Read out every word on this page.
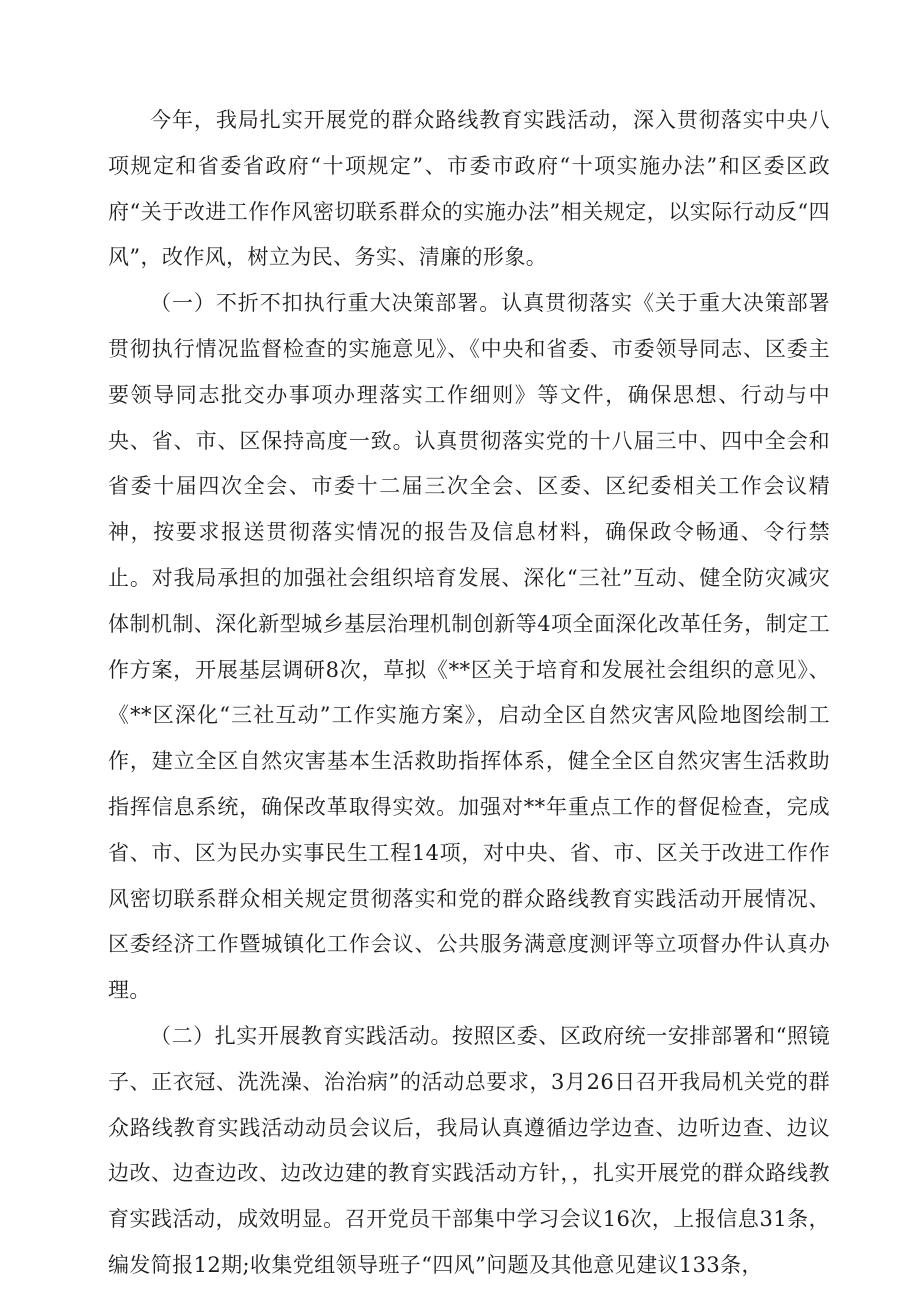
今年，我局扎实开展党的群众路线教育实践活动，深入贯彻落实中央八项规定和省委省政府“十项规定”、市委市政府“十项实施办法”和区委区政府“关于改进工作作风密切联系群众的实施办法”相关规定，以实际行动反“四风”，改作风，树立为民、务实、清廉的形象。

（一）不折不扣执行重大决策部署。认真贯彻落实《关于重大决策部署贯彻执行情况监督检查的实施意见》、《中央和省委、市委领导同志、区委主要领导同志批交办事项办理落实工作细则》等文件，确保思想、行动与中央、省、市、区保持高度一致。认真贯彻落实党的十八届三中、四中全会和省委十届四次全会、市委十二届三次全会、区委、区纪委相关工作会议精神，按要求报送贯彻落实情况的报告及信息材料，确保政令畅通、令行禁止。对我局承担的加强社会组织培育发展、深化“三社”互动、健全防灾减灾体制机制、深化新型城乡基层治理机制创新等4项全面深化改革任务，制定工作方案，开展基层调研8次，草拟《**区关于培育和发展社会组织的意见》、《**区深化“三社互动”工作实施方案》，启动全区自然灾害风险地图绘制工作，建立全区自然灾害基本生活救助指挥体系，健全全区自然灾害生活救助指挥信息系统，确保改革取得实效。加强对**年重点工作的督促检查，完成省、市、区为民办实事民生工程14项，对中央、省、市、区关于改进工作作风密切联系群众相关规定贯彻落实和党的群众路线教育实践活动开展情况、区委经济工作暨城镇化工作会议、公共服务满意度测评等立项督办件认真办理。

（二）扎实开展教育实践活动。按照区委、区政府统一安排部署和“照镜子、正衣冠、洗洗澡、治治病”的活动总要求，3月26日召开我局机关党的群众路线教育实践活动动员会议后，我局认真遵循边学边查、边听边查、边议边改、边查边改、边改边建的教育实践活动方针，，扎实开展党的群众路线教育实践活动，成效明显。召开党员干部集中学习会议16次，上报信息31条，编发简报12期;收集党组领导班子“四风”问题及其他意见建议133条，
